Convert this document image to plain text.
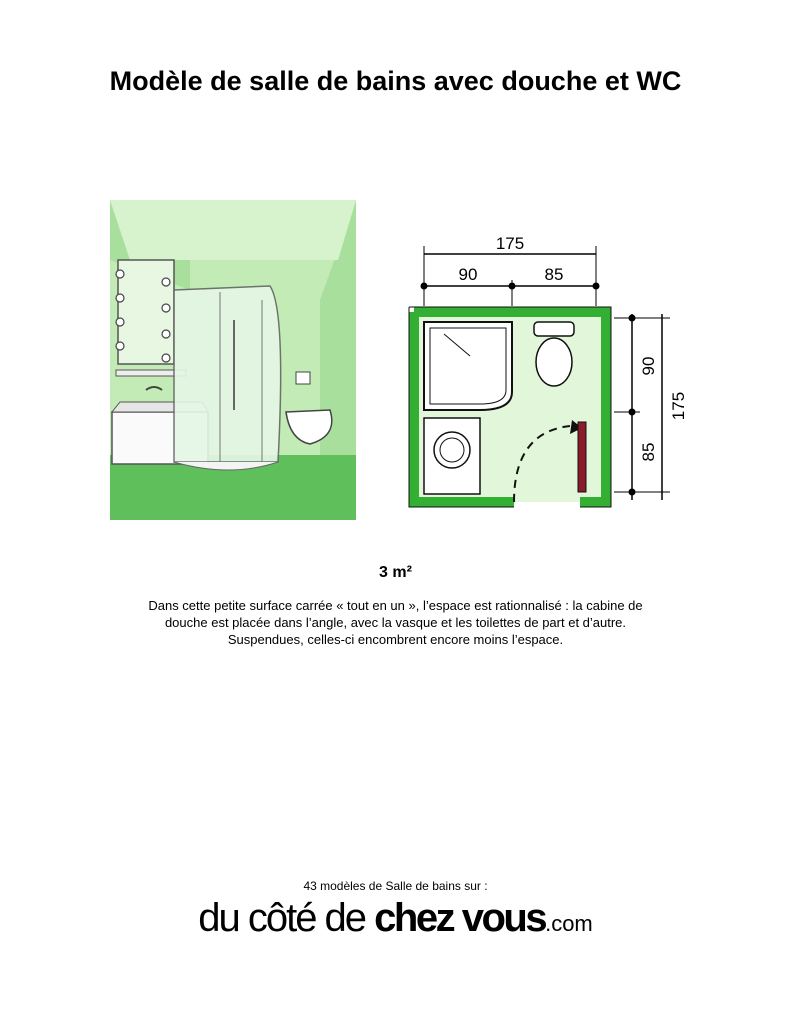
Modèle de salle de bains avec douche et WC
175
90	85
90
85
175
3 m²
Dans cette petite surface carrée « tout en un », l’espace est rationnalisé : la cabine de
douche est placée dans l’angle, avec la vasque et les toilettes de part et d’autre.
Suspendues, celles-ci encombrent encore moins l’espace.
43 modèles de Salle de bains sur :
du côté de chez vous.com
